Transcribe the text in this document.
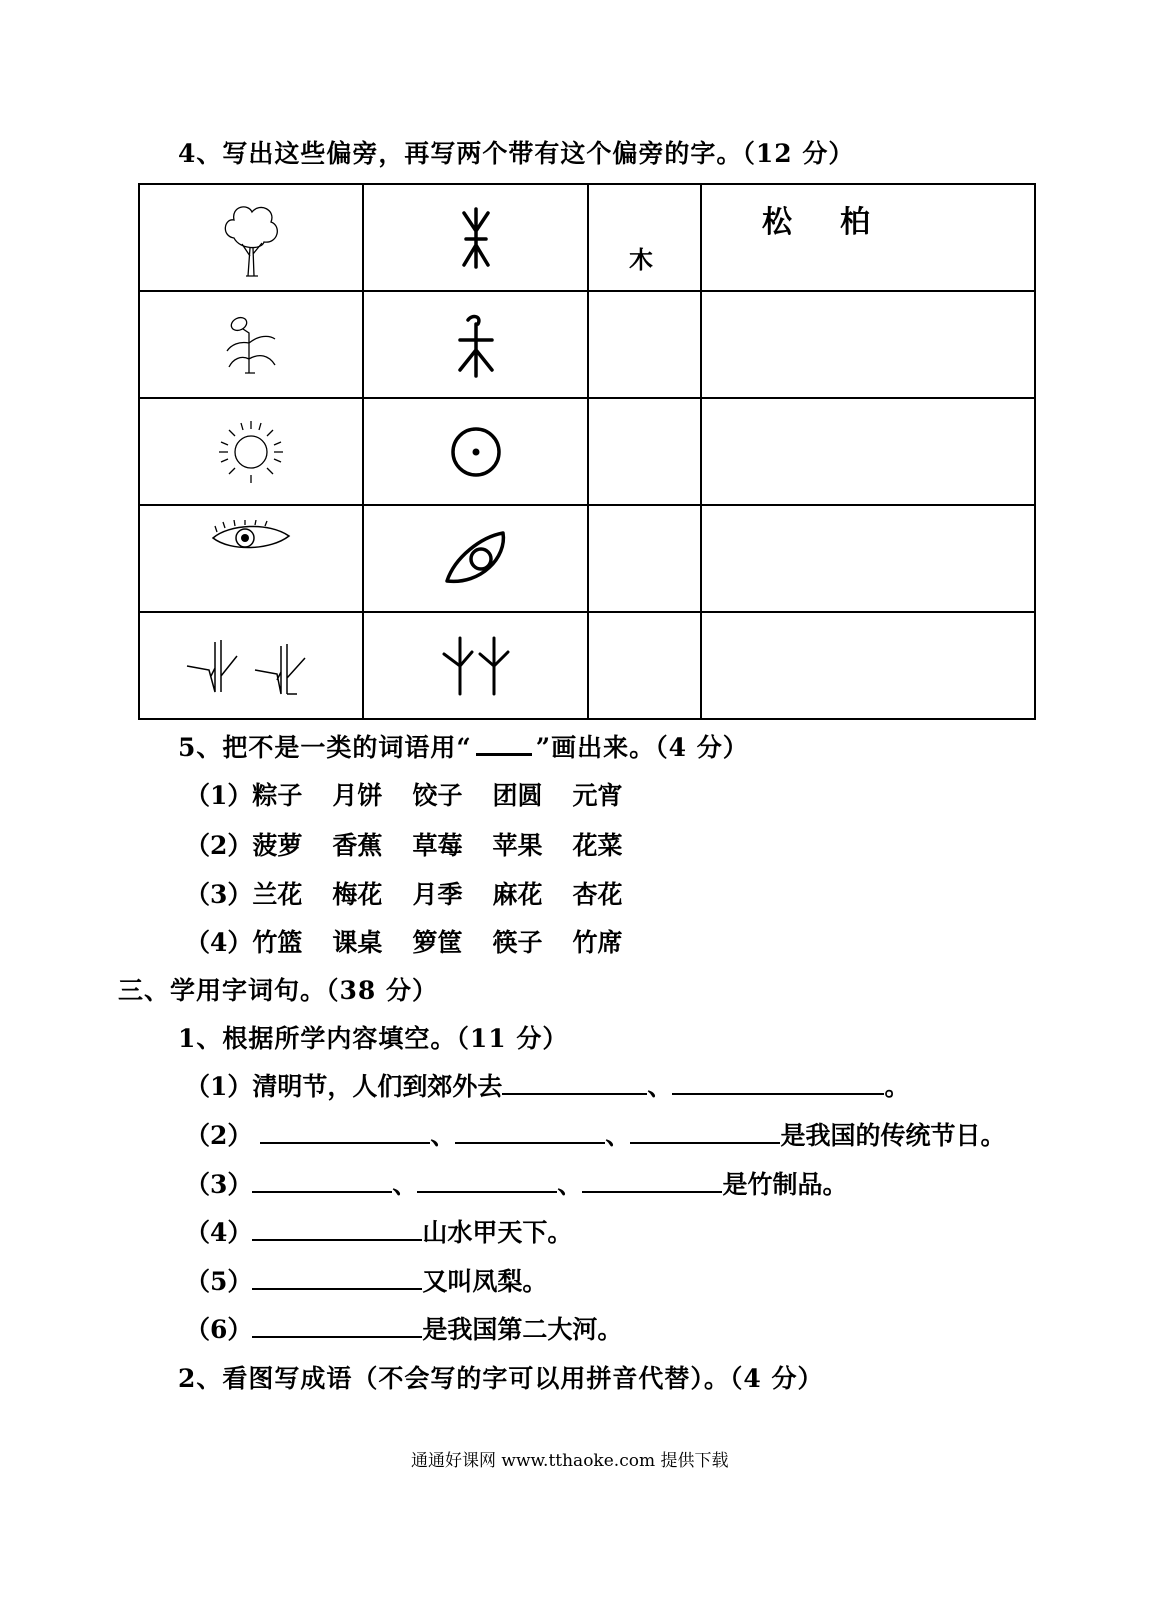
4、写出这些偏旁，再写两个带有这个偏旁的字。（12 分）

木	松柏

5、把不是一类的词语用“	”画出来。（4 分）
（1）粽子 月饼 饺子 团圆 元宵
（2）菠萝 香蕉 草莓 苹果 花菜
（3）兰花 梅花 月季 麻花 杏花
（4）竹篮 课桌 箩筐 筷子 竹席
三、学用字词句。（38 分）
1、根据所学内容填空。（11 分）
（1）清明节，人们到郊外去	、	。
（2）	、	、	是我国的传统节日。
（3）	、	、	是竹制品。
（4）	山水甲天下。
（5）	又叫凤梨。
（6）	是我国第二大河。
2、看图写成语（不会写的字可以用拼音代替）。（4 分）
通通好课网 www.tthaoke.com 提供下载
